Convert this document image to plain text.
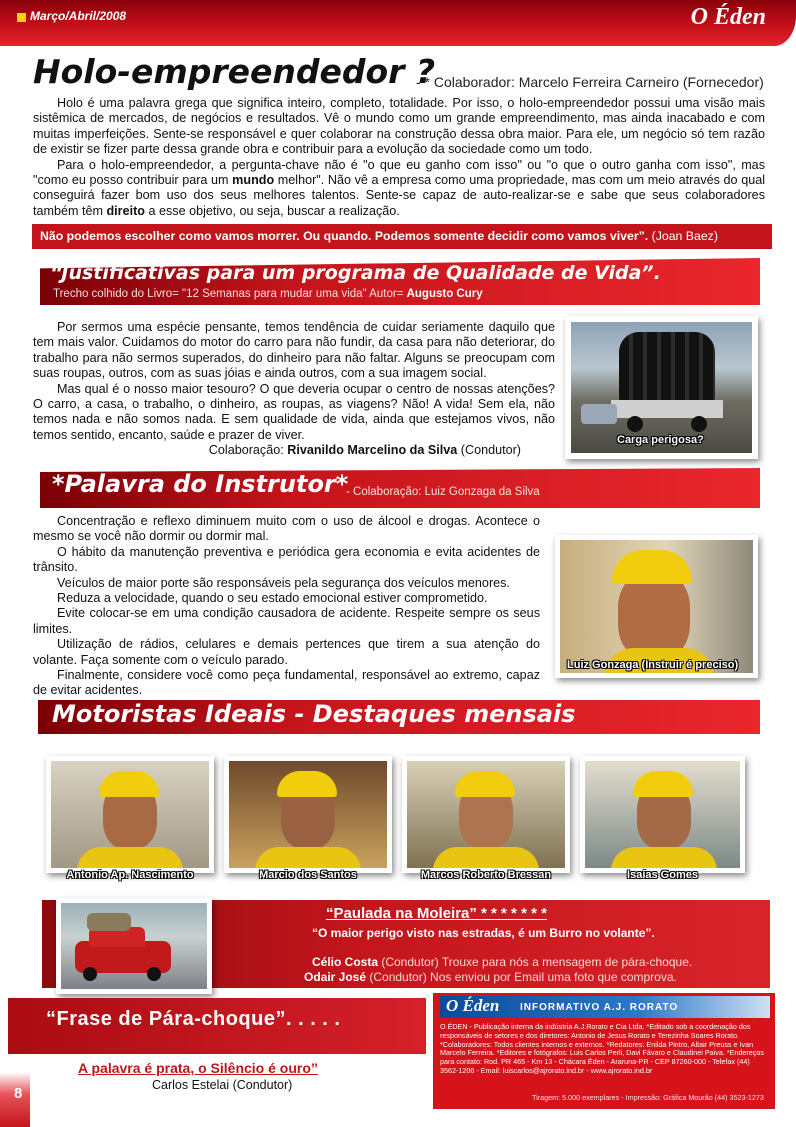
Março/Abril/2008	O Éden
Holo-empreendedor ?
- * Colaborador: Marcelo Ferreira Carneiro (Fornecedor)

Holo é uma palavra grega que significa inteiro, completo, totalidade. Por isso, o holo-empreendedor possui uma visão mais sistêmica de mercados, de negócios e resultados. Vê o mundo como um grande empreendimento, mas ainda inacabado e com muitas imperfeições. Sente-se responsável e quer colaborar na construção dessa obra maior. Para ele, um negócio só tem razão de existir se fizer parte dessa grande obra e contribuir para a evolução da sociedade como um todo.

Para o holo-empreendedor, a pergunta-chave não é "o que eu ganho com isso" ou "o que o outro ganha com isso", mas "como eu posso contribuir para um mundo melhor". Não vê a empresa como uma propriedade, mas com um meio através do qual conseguirá fazer bom uso dos seus melhores talentos. Sente-se capaz de auto-realizar-se e sabe que seus colaboradores também têm direito a esse objetivo, ou seja, buscar a realização.

Não podemos escolher como vamos morrer. Ou quando. Podemos somente decidir como vamos viver”. (Joan Baez)
“Justificativas para um programa de Qualidade de Vida”.
Trecho colhido do Livro= "12 Semanas para mudar uma vida" Autor= Augusto Cury

Por sermos uma espécie pensante, temos tendência de cuidar seriamente daquilo que tem mais valor. Cuidamos do motor do carro para não fundir, da casa para não deteriorar, do trabalho para não sermos superados, do dinheiro para não faltar. Alguns se preocupam com suas roupas, outros, com as suas jóias e ainda outros, com a sua imagem social.

Mas qual é o nosso maior tesouro? O que deveria ocupar o centro de nossas atenções? O carro, a casa, o trabalho, o dinheiro, as roupas, as viagens? Não! A vida! Sem ela, não temos nada e não somos nada. E sem qualidade de vida, ainda que estejamos vivos, não temos sentido, encanto, saúde e prazer de viver.

Colaboração: Rivanildo Marcelino da Silva (Condutor)

Carga perigosa?
*Palavra do Instrutor*
- Colaboração: Luiz Gonzaga da Silva

Concentração e reflexo diminuem muito com o uso de álcool e drogas. Acontece o mesmo se você não dormir ou dormir mal.

O hábito da manutenção preventiva e periódica gera economia e evita acidentes de trânsito.

Veículos de maior porte são responsáveis pela segurança dos veículos menores.

Reduza a velocidade, quando o seu estado emocional estiver comprometido.

Evite colocar-se em uma condição causadora de acidente. Respeite sempre os seus limites.

Utilização de rádios, celulares e demais pertences que tirem a sua atenção do volante. Faça somente com o veículo parado.

Finalmente, considere você como peça fundamental, responsável ao extremo, capaz de evitar acidentes.

Luiz Gonzaga (Instruir é preciso)
Motoristas Ideais - Destaques mensais
Antonio Ap. Nascimento	Marcio dos Santos	Marcos Roberto Bressan	Isaías Gomes
“Paulada na Moleira” * * * * * * *
“O maior perigo visto nas estradas, é um Burro no volante”.
Célio Costa (Condutor) Trouxe para nós a mensagem de pára-choque.
Odair José (Condutor) Nos enviou por Email uma foto que comprova.
“Frase de Pára-choque”. . . . .
A palavra é prata, o Silêncio é ouro”
Carlos Estelai (Condutor)
O Éden INFORMATIVO A.J. RORATO
O ÉDEN - Publicação interna da indústria A.J.Rorato e Cia Ltda. *Editado sob a coordenação dos responsáveis de setores e dos diretores: Antonio de Jesus Rorato e Terezinha Soares Rorato. *Colaboradores: Todos clientes internos e externos. *Redatores: Enilda Pintro, Altair Preuss e Ivan Marcelo Ferreira. *Editores e fotógrafos: Luis Carlos Perli, Davi Fávaro e Claudinei Paiva. *Endereços para contato: Rod. PR 465 - Km 13 - Chácara Éden - Araruna-PR - CEP 87260-000 - Telefax (44) 3562-1206 - Email: luiscarlos@ajrorato.ind.br - www.ajrorato.ind.br
Tiragem: 5.000 exemplares - Impressão: Gráfica Mourão (44) 3523-1273
8
